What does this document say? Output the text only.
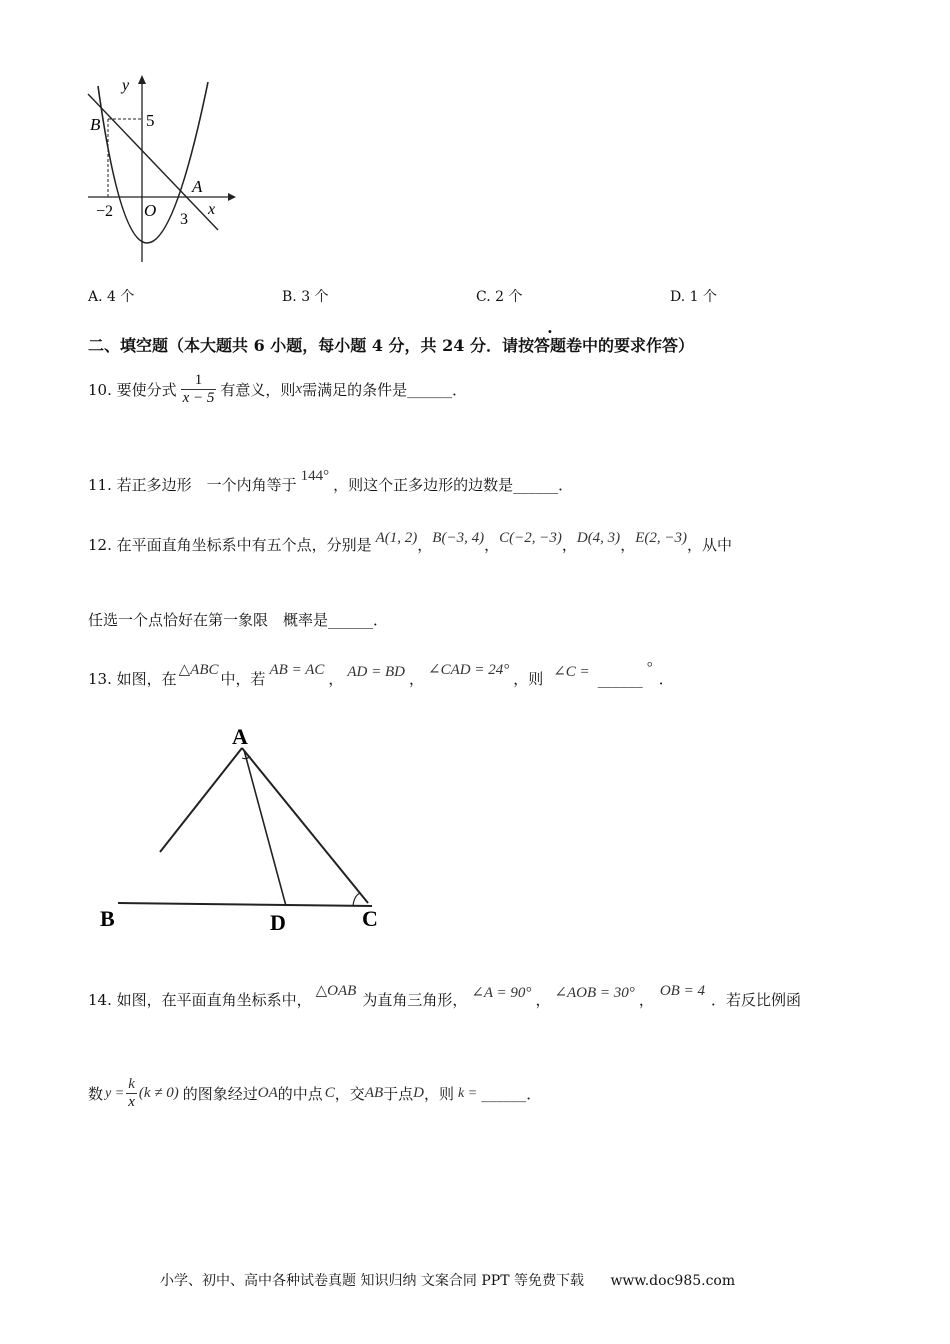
y
B	5
A
x
−2 O 3
A. 4 个	B. 3 个	C. 2 个	D. 1 个
二、填空题（本大题共 6 小题，每小题 4 分，共 24 分．请按答题卷中的要求作答）
10. 要使分式 $\frac{1}{x - 5}$ 有意义，则x需满足的条件是______．
11. 若正多边形　一个内角等于 144° ，则这个正多边形的边数是______．
12. 在平面直角坐标系中有五个点，分别是 A(1, 2)，B(−3, 4)，C(−2, −3)，D(4, 3)，E(2, −3)，从中
任选一个点恰好在第一象限　概率是______．
13. 如图，在 △ABC 中，若 AB = AC ， AD = BD ， ∠CAD = 24° ，则 ∠C = ______°．
A
B	D	C
14. 如图，在平面直角坐标系中， △OAB 为直角三角形， ∠A = 90° ， ∠AOB = 30° ， OB = 4 ．若反比例函
数 $y = \frac{k}{x} (k \ne 0)$ 的图象经过OA的中点 C，交AB于点D，则 k = ______．
小学、初中、高中各种试卷真题 知识归纳 文案合同 PPT 等免费下载 www.doc985.com
